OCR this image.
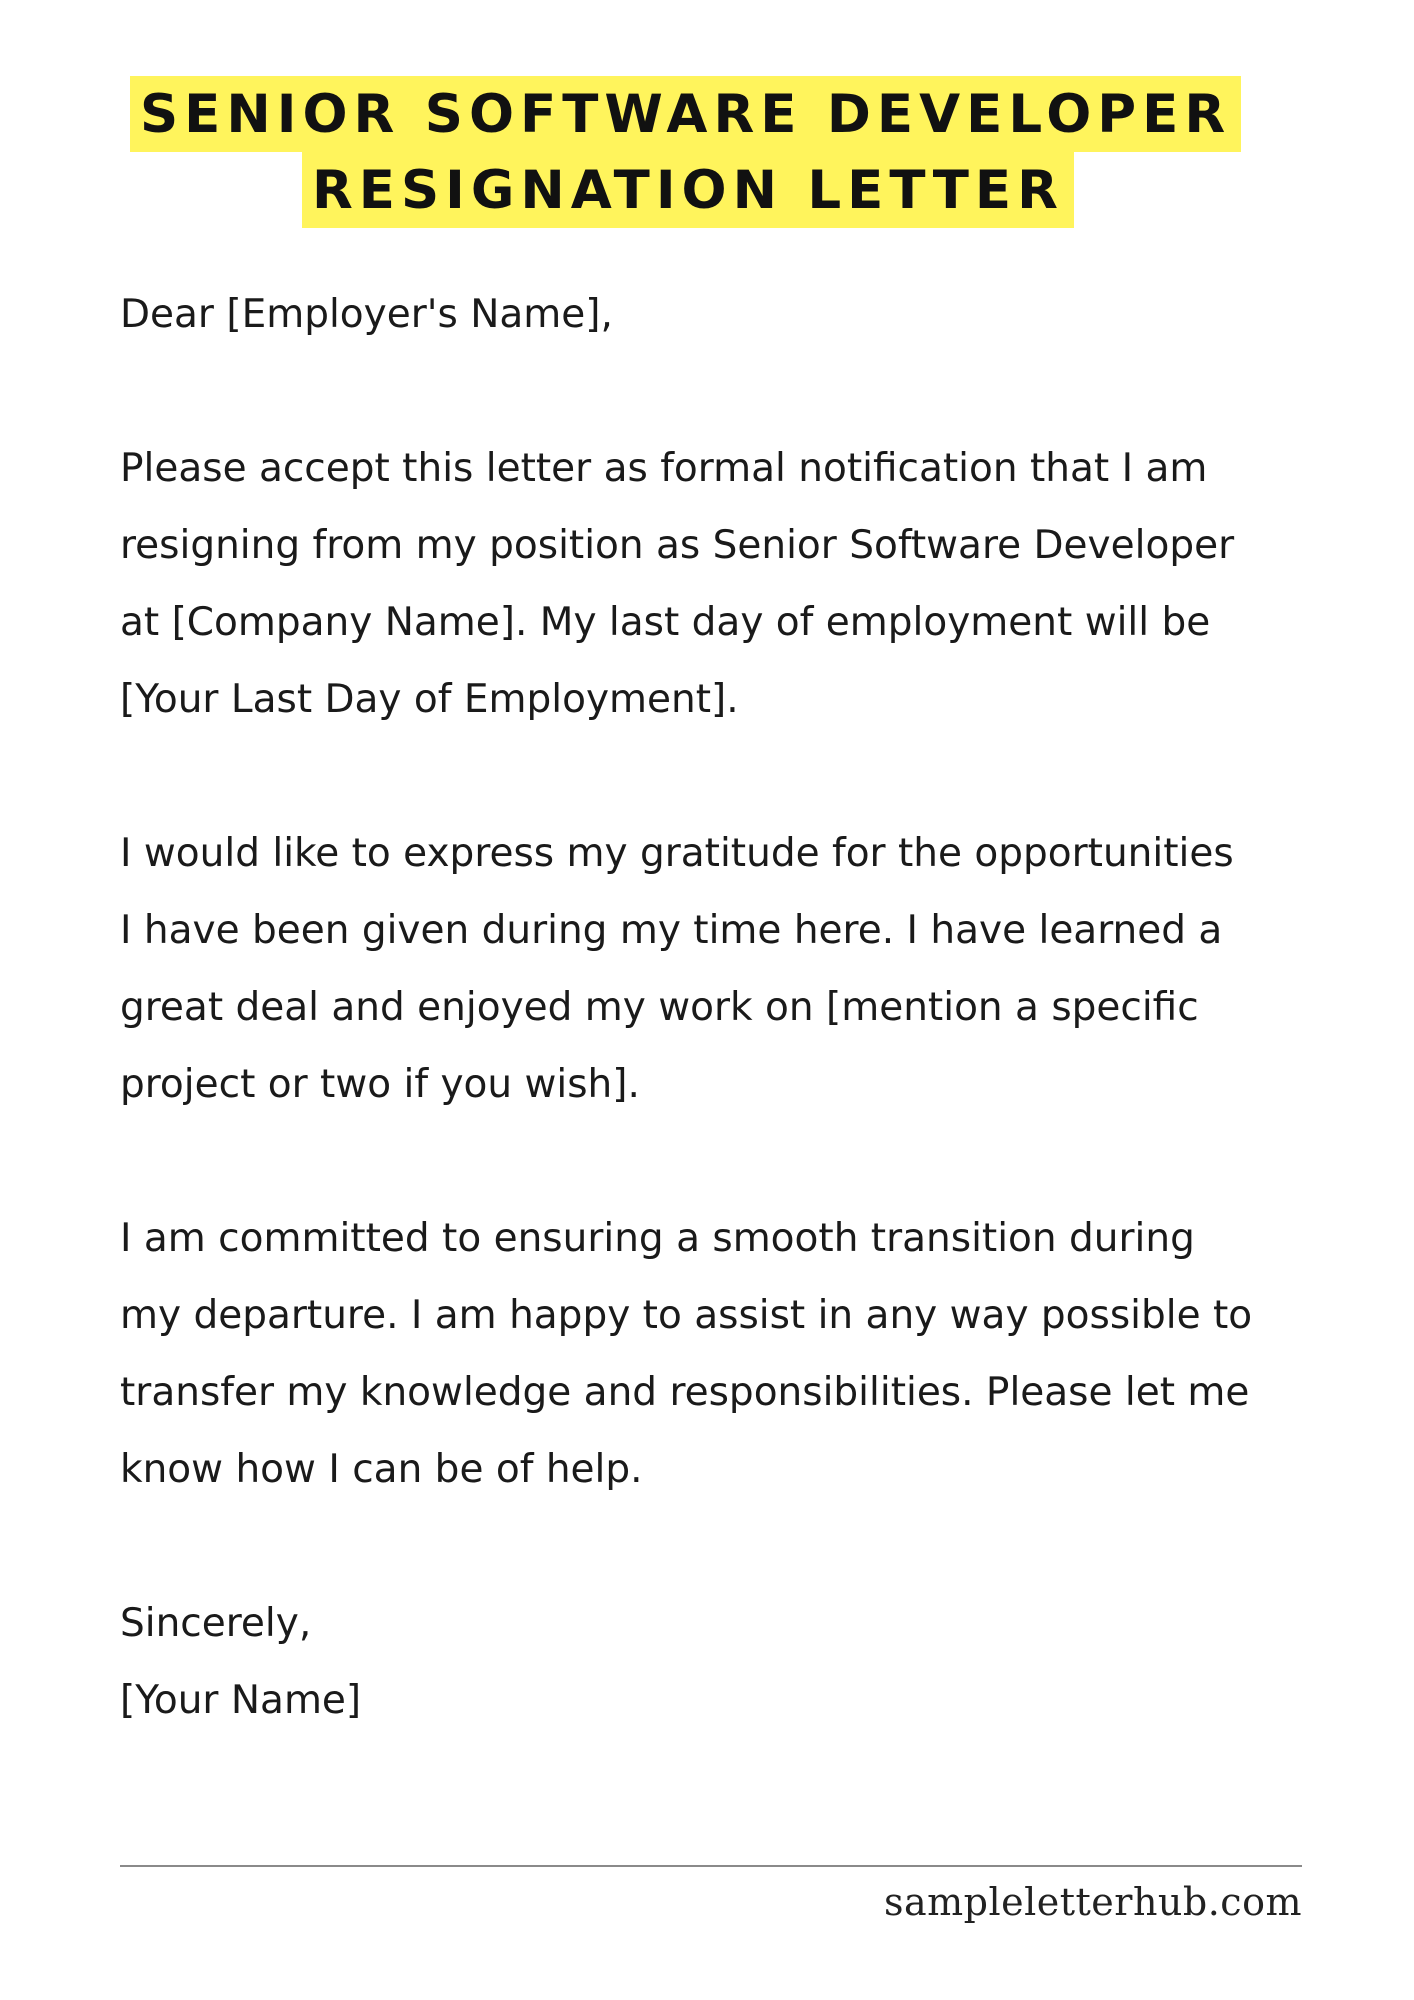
SENIOR SOFTWARE DEVELOPER
RESIGNATION LETTER

Dear [Employer's Name],

Please accept this letter as formal notification that I am

resigning from my position as Senior Software Developer

at [Company Name]. My last day of employment will be

[Your Last Day of Employment].

I would like to express my gratitude for the opportunities

I have been given during my time here. I have learned a

great deal and enjoyed my work on [mention a specific

project or two if you wish].

I am committed to ensuring a smooth transition during

my departure. I am happy to assist in any way possible to

transfer my knowledge and responsibilities. Please let me

know how I can be of help.

Sincerely,

[Your Name]

sampleletterhub.com
